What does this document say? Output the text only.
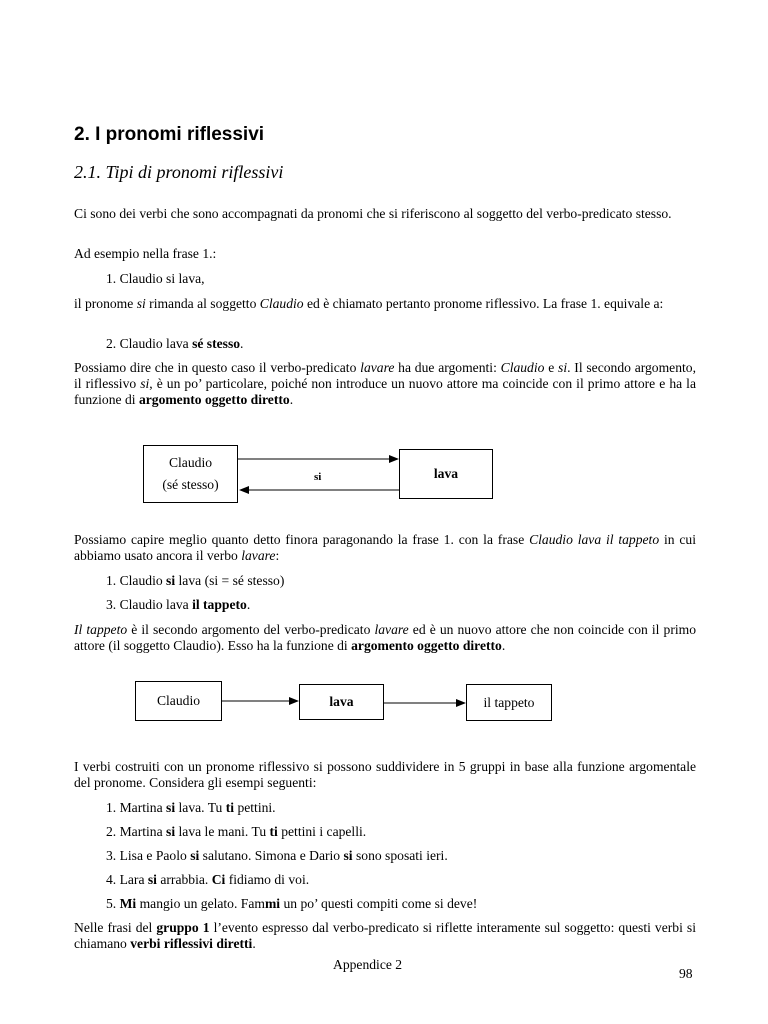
2. I pronomi riflessivi
2.1. Tipi di pronomi riflessivi
Ci sono dei verbi che sono accompagnati da pronomi che si riferiscono al soggetto del verbo-predicato stesso.
Ad esempio nella frase 1.:
1. Claudio si lava,
il pronome si rimanda al soggetto Claudio ed è chiamato pertanto pronome riflessivo. La frase 1. equivale a:
2. Claudio lava sé stesso.
Possiamo dire che in questo caso il verbo-predicato lavare ha due argomenti: Claudio e si. Il secondo argomento, il riflessivo si, è un po’ particolare, poiché non introduce un nuovo attore ma coincide con il primo attore e ha la funzione di argomento oggetto diretto.
Claudio
(sé stesso)
lava
si
Possiamo capire meglio quanto detto finora paragonando la frase 1. con la frase Claudio lava il tappeto in cui abbiamo usato ancora il verbo lavare:
1. Claudio si lava (si = sé stesso)
3. Claudio lava il tappeto.
Il tappeto è il secondo argomento del verbo-predicato lavare ed è un nuovo attore che non coincide con il primo attore (il soggetto Claudio). Esso ha la funzione di argomento oggetto diretto.
Claudio	lava	il tappeto
I verbi costruiti con un pronome riflessivo si possono suddividere in 5 gruppi in base alla funzione argomentale del pronome. Considera gli esempi seguenti:
1. Martina si lava. Tu ti pettini.
2. Martina si lava le mani. Tu ti pettini i capelli.
3. Lisa e Paolo si salutano. Simona e Dario si sono sposati ieri.
4. Lara si arrabbia. Ci fidiamo di voi.
5. Mi mangio un gelato. Fammi un po’ questi compiti come si deve!
Nelle frasi del gruppo 1 l’evento espresso dal verbo-predicato si riflette interamente sul soggetto: questi verbi si chiamano verbi riflessivi diretti.
Appendice 2
98
